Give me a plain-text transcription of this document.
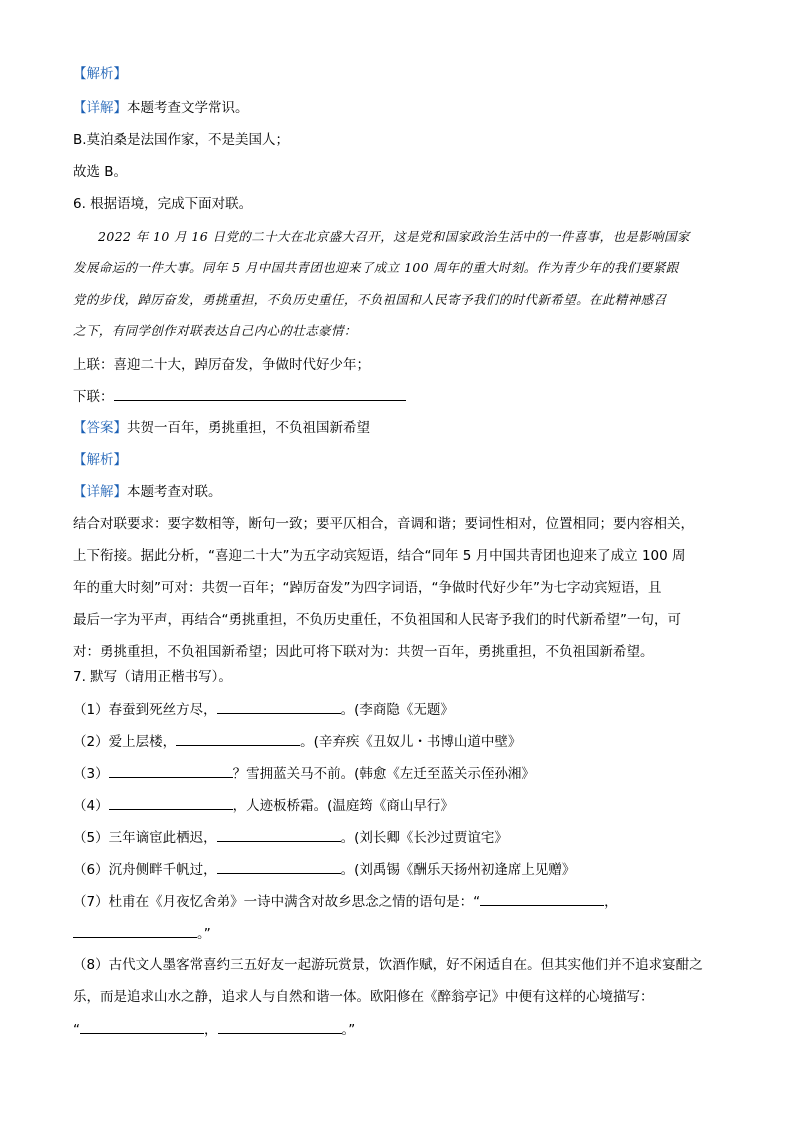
【解析】
【详解】本题考查文学常识。
B.莫泊桑是法国作家，不是美国人；
故选 B。
6. 根据语境，完成下面对联。
2022 年 10 月 16 日党的二十大在北京盛大召开，这是党和国家政治生活中的一件喜事，也是影响国家
发展命运的一件大事。同年 5 月中国共青团也迎来了成立 100 周年的重大时刻。作为青少年的我们要紧跟
党的步伐，踔厉奋发，勇挑重担，不负历史重任，不负祖国和人民寄予我们的时代新希望。在此精神感召
之下，有同学创作对联表达自己内心的壮志豪情：
上联：喜迎二十大，踔厉奋发，争做时代好少年；
下联：
【答案】共贺一百年，勇挑重担，不负祖国新希望
【解析】
【详解】本题考查对联。
结合对联要求：要字数相等，断句一致；要平仄相合，音调和谐；要词性相对，位置相同；要内容相关，
上下衔接。据此分析，“喜迎二十大”为五字动宾短语，结合“同年 5 月中国共青团也迎来了成立 100 周
年的重大时刻”可对：共贺一百年；“踔厉奋发”为四字词语，“争做时代好少年”为七字动宾短语，且
最后一字为平声，再结合“勇挑重担，不负历史重任，不负祖国和人民寄予我们的时代新希望”一句，可
对：勇挑重担，不负祖国新希望；因此可将下联对为：共贺一百年，勇挑重担，不负祖国新希望。
7. 默写（请用正楷书写）。
（1）春蚕到死丝方尽，	。(李商隐《无题》
（2）爱上层楼，	。(辛弃疾《丑奴儿・书博山道中壁》
（3）	？雪拥蓝关马不前。(韩愈《左迁至蓝关示侄孙湘》
（4）	，人迹板桥霜。(温庭筠《商山早行》
（5）三年谪宦此栖迟，	。(刘长卿《长沙过贾谊宅》
（6）沉舟侧畔千帆过，	。(刘禹锡《酬乐天扬州初逢席上见赠》
（7）杜甫在《月夜忆舍弟》一诗中满含对故乡思念之情的语句是：“	，
。”
（8）古代文人墨客常喜约三五好友一起游玩赏景，饮酒作赋，好不闲适自在。但其实他们并不追求宴酣之
乐，而是追求山水之静，追求人与自然和谐一体。欧阳修在《醉翁亭记》中便有这样的心境描写：
“	，	。”
